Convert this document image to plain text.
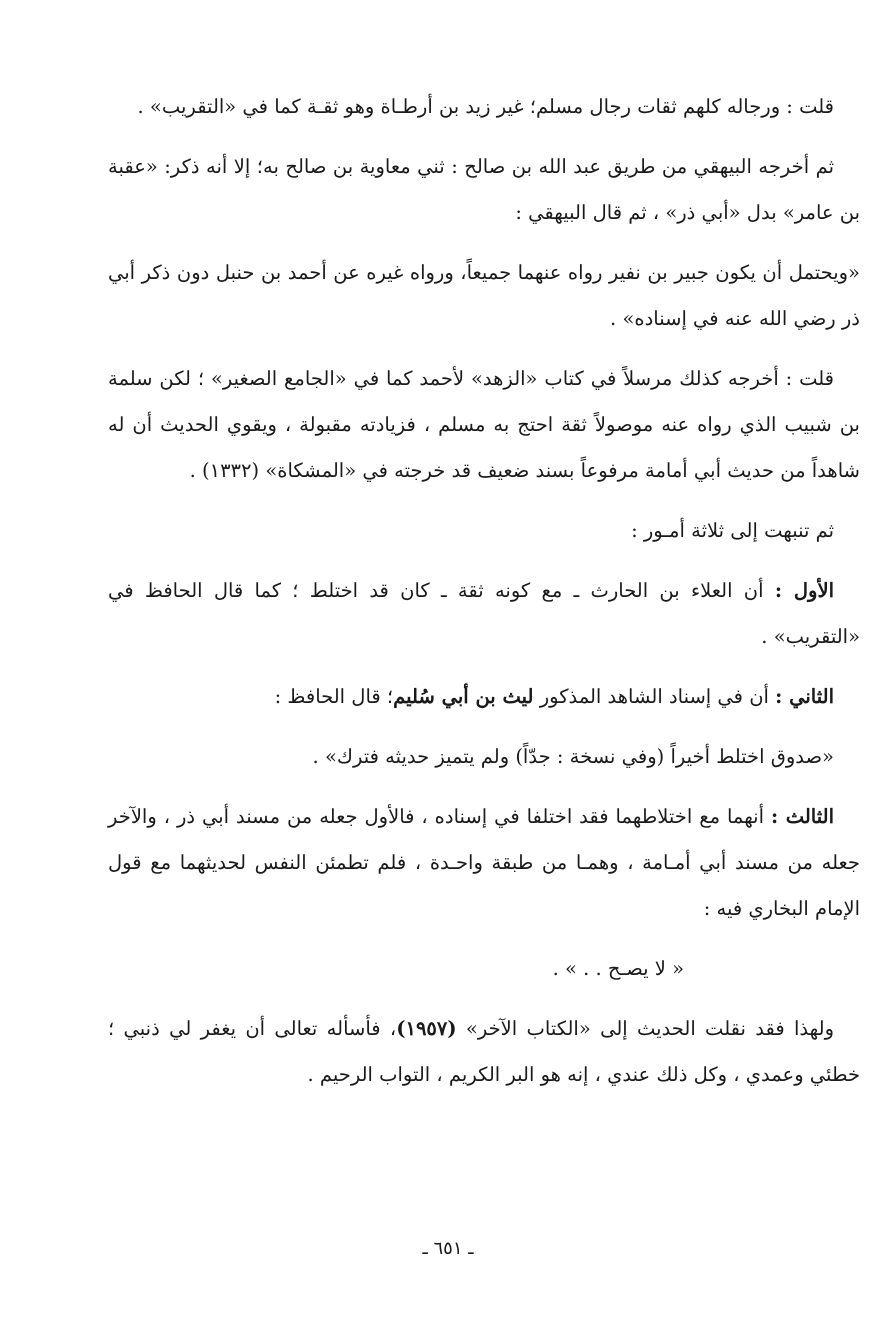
قلت : ورجاله كلهم ثقات رجال مسلم؛ غير زيد بن أرطـاة وهو ثقـة كما في «التقريب» .

ثم أخرجه البيهقي من طريق عبد الله بن صالح : ثني معاوية بن صالح به؛ إلا أنه ذكر: «عقبة بن عامر» بدل «أبي ذر» ، ثم قال البيهقي :

«ويحتمل أن يكون جبير بن نفير رواه عنهما جميعاً، ورواه غيره عن أحمد بن حنبل دون ذكر أبي ذر رضي الله عنه في إسناده» .

قلت : أخرجه كذلك مرسلاً في كتاب «الزهد» لأحمد كما في «الجامع الصغير» ؛ لكن سلمة بن شبيب الذي رواه عنه موصولاً ثقة احتج به مسلم ، فزيادته مقبولة ، ويقوي الحديث أن له شاهداً من حديث أبي أمامة مرفوعاً بسند ضعيف قد خرجته في «المشكاة» (١٣٣٢) .

ثم تنبهت إلى ثلاثة أمـور :

الأول : أن العلاء بن الحارث ـ مع كونه ثقة ـ كان قد اختلط ؛ كما قال الحافظ في «التقريب» .

الثاني : أن في إسناد الشاهد المذكور ليث بن أبي سُليم؛ قال الحافظ :

«صدوق اختلط أخيراً (وفي نسخة : جدّاً) ولم يتميز حديثه فترك» .

الثالث : أنهما مع اختلاطهما فقد اختلفا في إسناده ، فالأول جعله من مسند أبي ذر ، والآخر جعله من مسند أبي أمـامة ، وهمـا من طبقة واحـدة ، فلم تطمئن النفس لحديثهما مع قول الإمام البخاري فيه :

« لا يصـح . . » .

ولهذا فقد نقلت الحديث إلى «الكتاب الآخر» (١٩٥٧)، فأسأله تعالى أن يغفر لي ذنبي ؛ خطئي وعمدي ، وكل ذلك عندي ، إنه هو البر الكريم ، التواب الرحيم .

ـ ٦٥١ ـ
